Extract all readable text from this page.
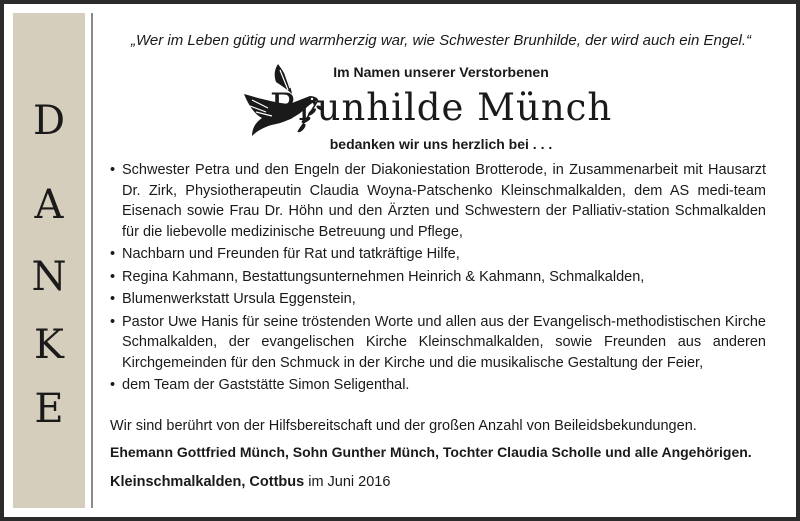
D
A
N
K
E
„Wer im Leben gütig und warmherzig war, wie Schwester Brunhilde, der wird auch ein Engel.“
Im Namen unserer Verstorbenen
Brunhilde Münch
bedanken wir uns herzlich bei . . .
• Schwester Petra und den Engeln der Diakoniestation Brotterode, in Zusammenarbeit mit Hausarzt Dr. Zirk, Physiotherapeutin Claudia Woyna-Patschenko Kleinschmalkalden, dem AS medi-team Eisenach sowie Frau Dr. Höhn und den Ärzten und Schwestern der Palliativ-station Schmalkalden für die liebevolle medizinische Betreuung und Pflege,
• Nachbarn und Freunden für Rat und tatkräftige Hilfe,
• Regina Kahmann, Bestattungsunternehmen Heinrich & Kahmann, Schmalkalden,
• Blumenwerkstatt Ursula Eggenstein,
• Pastor Uwe Hanis für seine tröstenden Worte und allen aus der Evangelisch-methodistischen Kirche Schmalkalden, der evangelischen Kirche Kleinschmalkalden, sowie Freunden aus anderen Kirchgemeinden für den Schmuck in der Kirche und die musikalische Gestaltung der Feier,
• dem Team der Gaststätte Simon Seligenthal.
Wir sind berührt von der Hilfsbereitschaft und der großen Anzahl von Beileidsbekundungen.
Ehemann Gottfried Münch, Sohn Gunther Münch, Tochter Claudia Scholle und alle Angehörigen.
Kleinschmalkalden, Cottbus im Juni 2016
